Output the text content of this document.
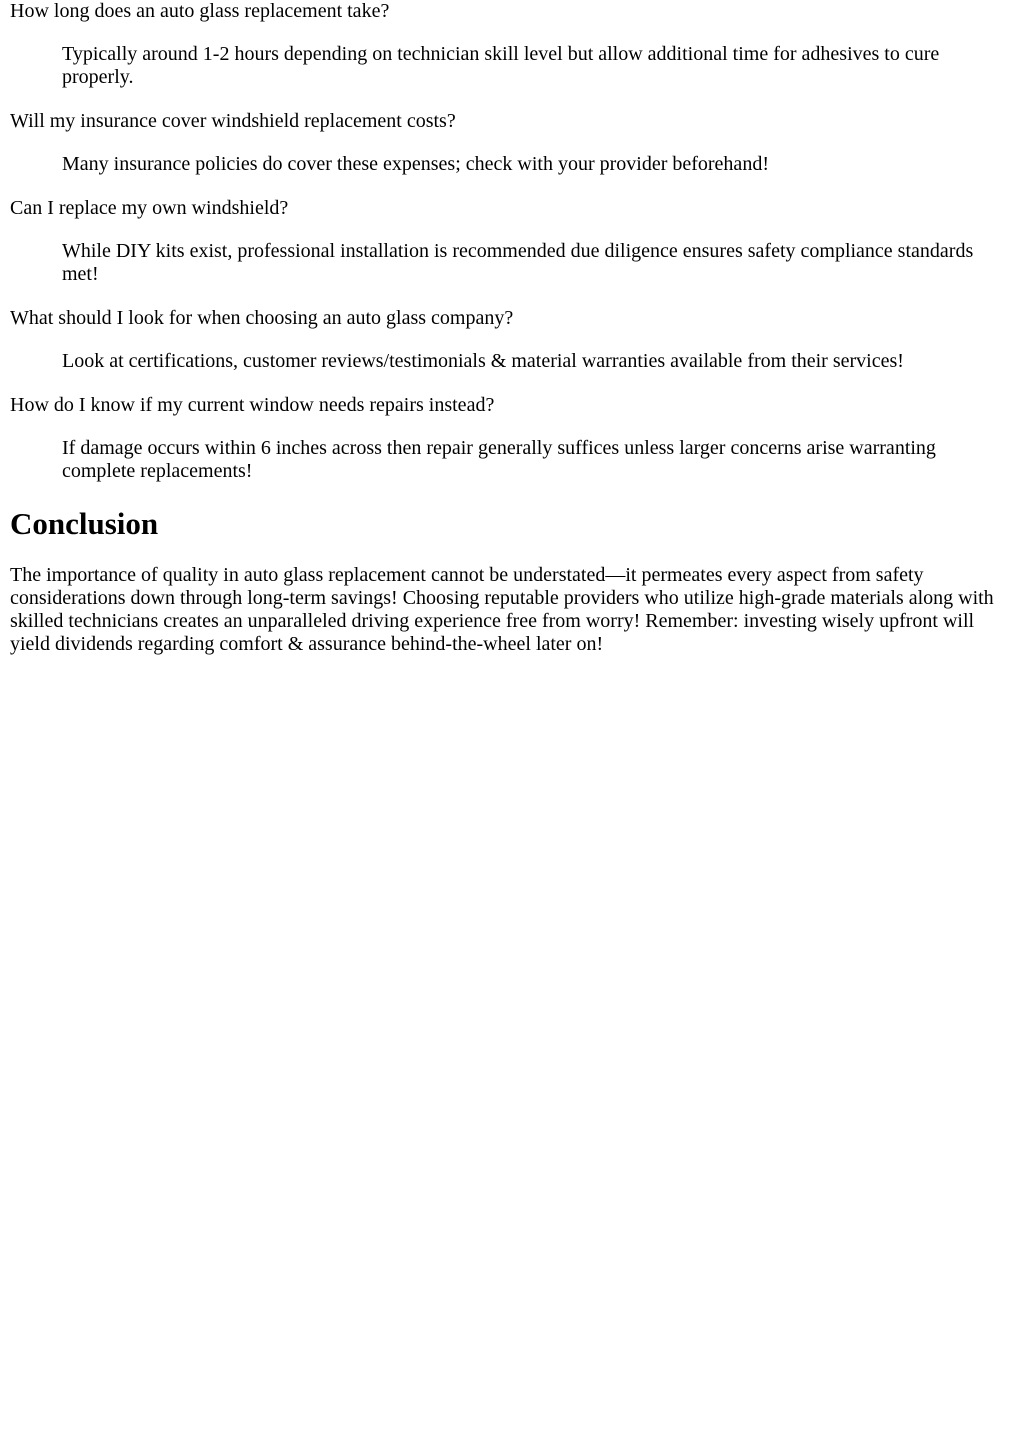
How long does an auto glass replacement take?
Typically around 1-2 hours depending on technician skill level but allow additional time for adhesives to cure properly.
Will my insurance cover windshield replacement costs?
Many insurance policies do cover these expenses; check with your provider beforehand!
Can I replace my own windshield?
While DIY kits exist, professional installation is recommended due diligence ensures safety compliance standards met!
What should I look for when choosing an auto glass company?
Look at certifications, customer reviews/testimonials & material warranties available from their services!
How do I know if my current window needs repairs instead?
If damage occurs within 6 inches across then repair generally suffices unless larger concerns arise warranting complete replacements!
Conclusion

The importance of quality in auto glass replacement cannot be understated—it permeates every aspect from safety considerations down through long-term savings! Choosing reputable providers who utilize high-grade materials along with skilled technicians creates an unparalleled driving experience free from worry! Remember: investing wisely upfront will yield dividends regarding comfort & assurance behind-the-wheel later on!
